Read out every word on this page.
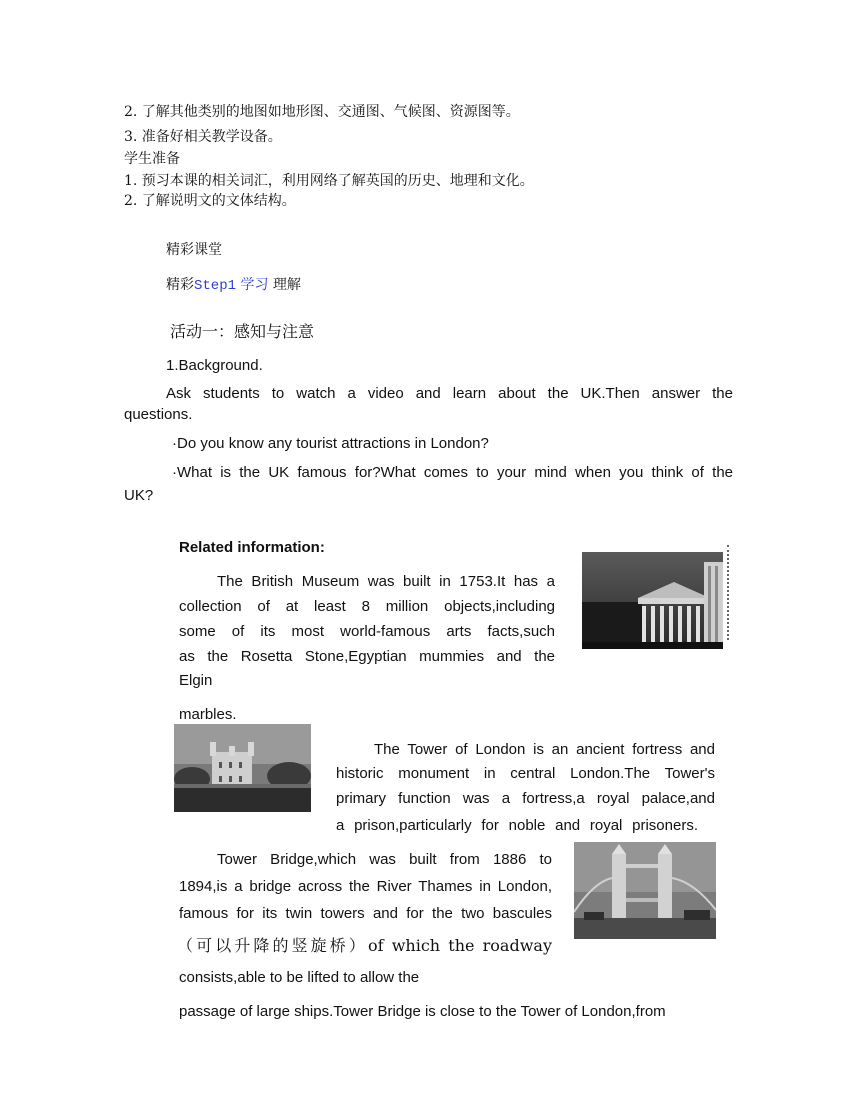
2. 了解其他类别的地图如地形图、交通图、气候图、资源图等。
3. 准备好相关教学设备。
学生准备
1. 预习本课的相关词汇，利用网络了解英国的历史、地理和文化。
2. 了解说明文的文体结构。
精彩课堂
精彩Step1 学习 理解
活动一：感知与注意
1.Background.
Ask students to watch a video and learn about the UK.Then answer the
questions.
·Do you know any tourist attractions in London?
·What is the UK famous for?What comes to your mind when you think of the
UK?
Related information:
The British Museum was built in 1753.It has a
collection of at least 8 million objects,including
some of its most world-famous arts facts,such
as the Rosetta Stone,Egyptian mummies and the
Elgin
marbles.
The Tower of London is an ancient fortress and
historic monument in central London.The Tower's
primary function was a fortress,a royal palace,and
a prison,particularly for noble and royal prisoners.
Tower Bridge,which was built from 1886 to
1894,is a bridge across the River Thames in London,
famous for its twin towers and for the two bascules
（可以升降的竖旋桥）of which the roadway
consists,able to be lifted to allow the
passage of large ships.Tower Bridge is close to the Tower of London,from
